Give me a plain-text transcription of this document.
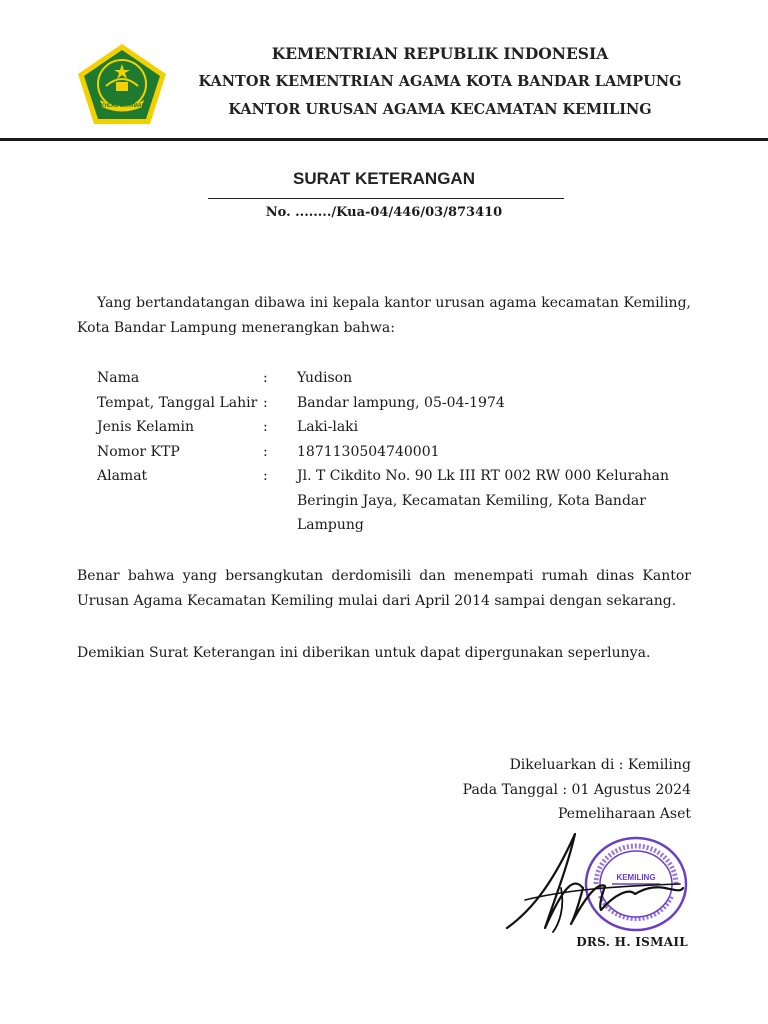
IKHLAS BERAMAL
KEMENTRIAN REPUBLIK INDONESIA
KANTOR KEMENTRIAN AGAMA KOTA BANDAR LAMPUNG
KANTOR URUSAN AGAMA KECAMATAN KEMILING
SURAT KETERANGAN
No. ......../Kua-04/446/03/873410
Yang bertandatangan dibawa ini kepala kantor urusan agama kecamatan Kemiling, Kota Bandar Lampung menerangkan bahwa:
Nama	:	Yudison
Tempat, Tanggal Lahir :	Bandar lampung, 05-04-1974
Jenis Kelamin	:	Laki-laki
Nomor KTP	:	1871130504740001
Alamat	:	Jl. T Cikdito No. 90 Lk III RT 002 RW 000 Kelurahan Beringin Jaya, Kecamatan Kemiling, Kota Bandar Lampung
Benar bahwa yang bersangkutan derdomisili dan menempati rumah dinas Kantor Urusan Agama Kecamatan Kemiling mulai dari April 2014 sampai dengan sekarang.
Demikian Surat Keterangan ini diberikan untuk dapat dipergunakan seperlunya.
Dikeluarkan di : Kemiling
Pada Tanggal : 01 Agustus 2024
Pemeliharaan Aset
KEMILING
DRS. H. ISMAIL
